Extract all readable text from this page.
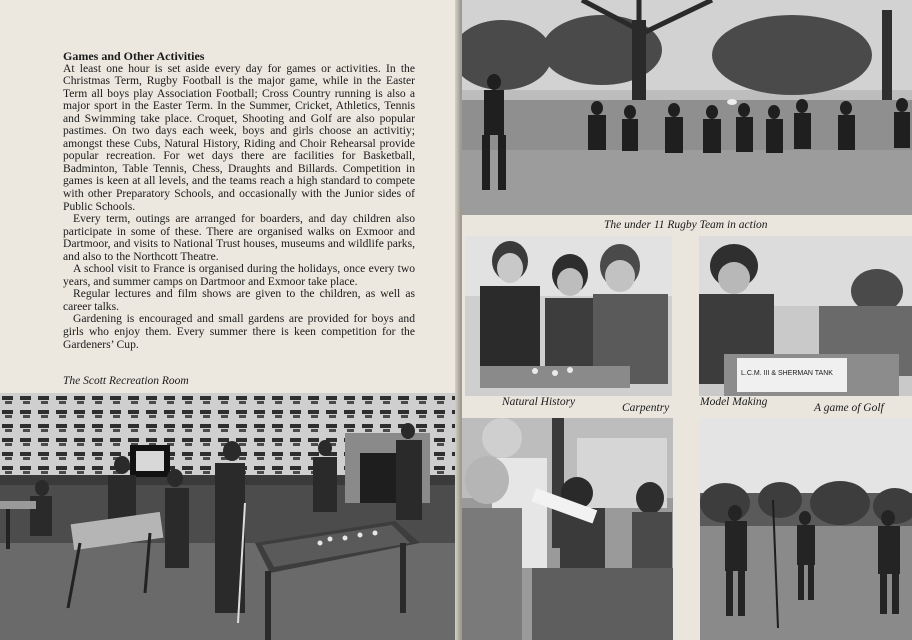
Games and Other Activities

At least one hour is set aside every day for games or activities. In the Christmas Term, Rugby Football is the major game, while in the Easter Term all boys play Association Football; Cross Country running is also a major sport in the Easter Term. In the Summer, Cricket, Athletics, Tennis and Swimming take place. Croquet, Shooting and Golf are also popular pastimes. On two days each week, boys and girls choose an activitiy; amongst these Cubs, Natural History, Riding and Choir Rehearsal provide popular recreation. For wet days there are facilities for Basketball, Badminton, Table Tennis, Chess, Draughts and Billards. Competition in games is keen at all levels, and the teams reach a high standard to compete with other Preparatory Schools, and occasionally with the Junior sides of Public Schools.

Every term, outings are arranged for boarders, and day children also participate in some of these. There are organised walks on Exmoor and Dartmoor, and visits to National Trust houses, museums and wildlife parks, and also to the Northcott Theatre.

A school visit to France is organised during the holidays, once every two years, and summer camps on Dartmoor and Exmoor take place.

Regular lectures and film shows are given to the children, as well as career talks.

Gardening is encouraged and small gardens are provided for boys and girls who enjoy them. Every summer there is keen competition for the Gardeners’ Cup.

The Scott Recreation Room
The under 11 Rugby Team in action
Natural History	Carpentry
L.C.M. III & SHERMAN TANK
Model Making	A game of Golf
